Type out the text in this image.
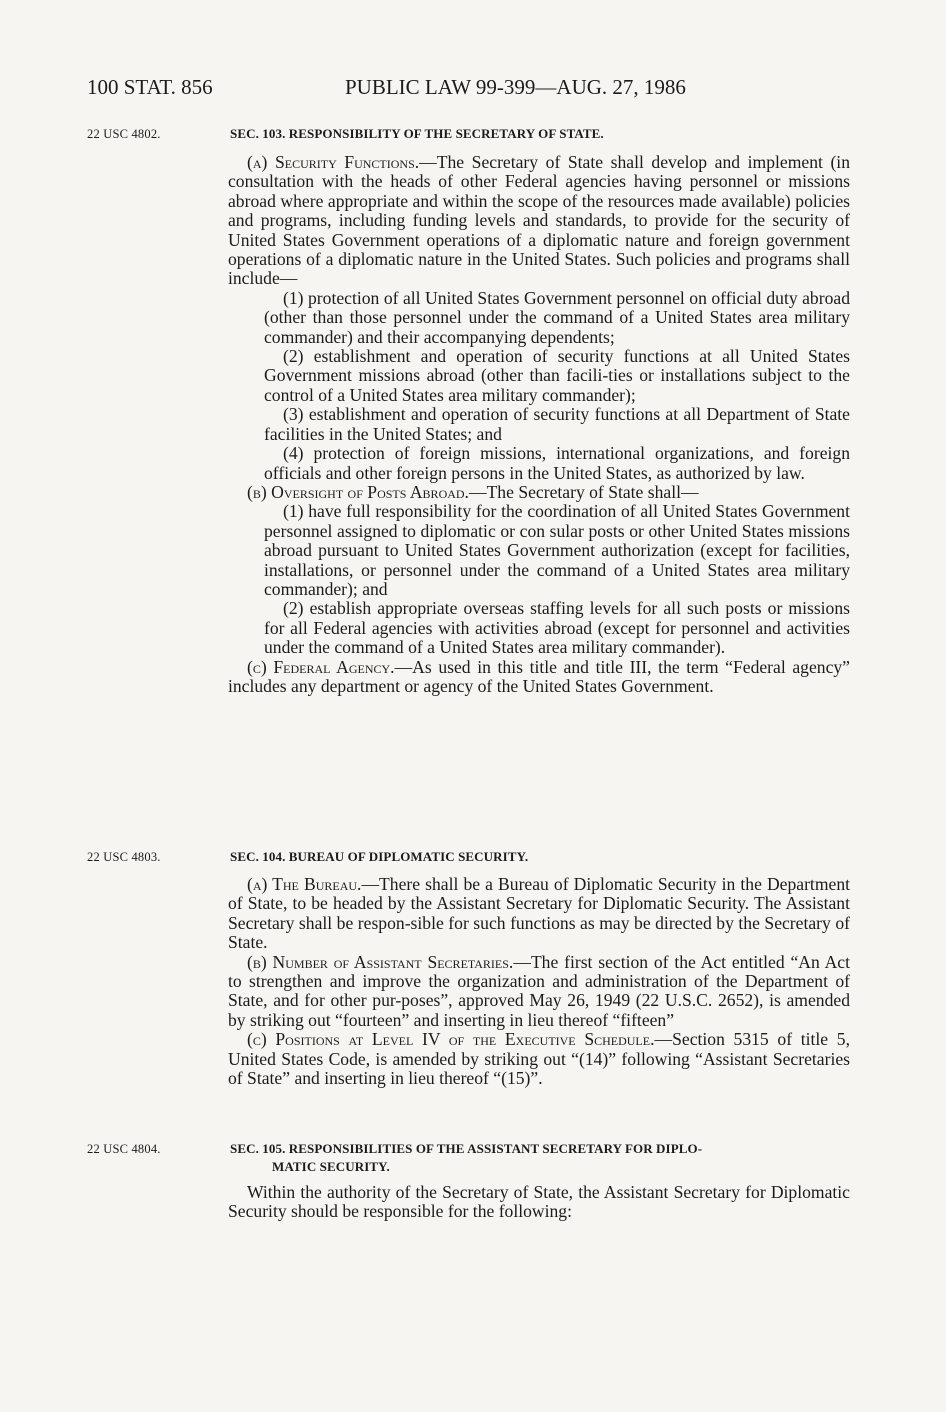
100 STAT. 856	PUBLIC LAW 99-399—AUG. 27, 1986
22 USC 4802.	SEC. 103. RESPONSIBILITY OF THE SECRETARY OF STATE.

(a) Security Functions.—The Secretary of State shall develop and implement (in consultation with the heads of other Federal agencies having personnel or missions abroad where appropriate and within the scope of the resources made available) policies and programs, including funding levels and standards, to provide for the security of United States Government operations of a diplomatic nature and foreign government operations of a diplomatic nature in the United States. Such policies and programs shall include—

(1) protection of all United States Government personnel on official duty abroad (other than those personnel under the command of a United States area military commander) and their accompanying dependents;

(2) establishment and operation of security functions at all United States Government missions abroad (other than facili-ties or installations subject to the control of a United States area military commander);

(3) establishment and operation of security functions at all Department of State facilities in the United States; and

(4) protection of foreign missions, international organizations, and foreign officials and other foreign persons in the United States, as authorized by law.

(b) Oversight of Posts Abroad.—The Secretary of State shall—

(1) have full responsibility for the coordination of all United States Government personnel assigned to diplomatic or con sular posts or other United States missions abroad pursuant to United States Government authorization (except for facilities, installations, or personnel under the command of a United States area military commander); and

(2) establish appropriate overseas staffing levels for all such posts or missions for all Federal agencies with activities abroad (except for personnel and activities under the command of a United States area military commander).

(c) Federal Agency.—As used in this title and title III, the term “Federal agency” includes any department or agency of the United States Government.

22 USC 4803.	SEC. 104. BUREAU OF DIPLOMATIC SECURITY.

(a) The Bureau.—There shall be a Bureau of Diplomatic Security in the Department of State, to be headed by the Assistant Secretary for Diplomatic Security. The Assistant Secretary shall be respon-sible for such functions as may be directed by the Secretary of State.

(b) Number of Assistant Secretaries.—The first section of the Act entitled “An Act to strengthen and improve the organization and administration of the Department of State, and for other pur-poses”, approved May 26, 1949 (22 U.S.C. 2652), is amended by striking out “fourteen” and inserting in lieu thereof “fifteen”

(c) Positions at Level IV of the Executive Schedule.—Section 5315 of title 5, United States Code, is amended by striking out “(14)” following “Assistant Secretaries of State” and inserting in lieu thereof “(15)”.

22 USC 4804.	SEC. 105. RESPONSIBILITIES OF THE ASSISTANT SECRETARY FOR DIPLO-
MATIC SECURITY.

Within the authority of the Secretary of State, the Assistant Secretary for Diplomatic Security should be responsible for the following:
